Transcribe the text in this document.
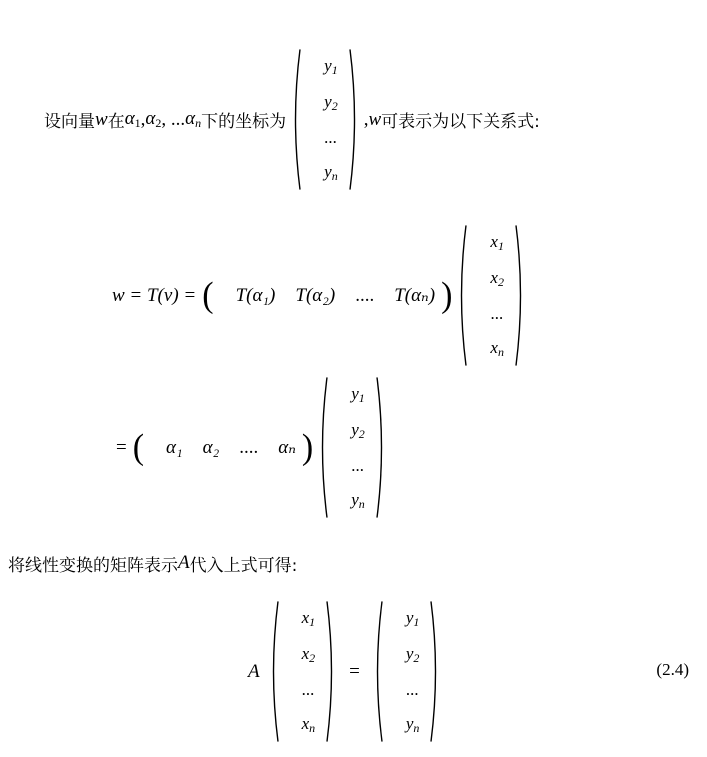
设向量 w 在 $\alpha_1$ , $\alpha_2$ , ... $\alpha_n$ 下的坐标为
$y_1$
$y_2$
...
$y_n$
, w 可表示为以下关系式:
w = T(v) = ( T(α₁) T(α₂) .... T(αₙ) )
$x_1$
$x_2$
...
$x_n$
= ( α₁ α₂ .... αₙ )
$y_1$
$y_2$
...
$y_n$
将线性变换的矩阵表示 A 代入上式可得:
A
$x_1$
$x_2$
...
$x_n$
=
$y_1$
$y_2$
...
$y_n$
(2.4)
